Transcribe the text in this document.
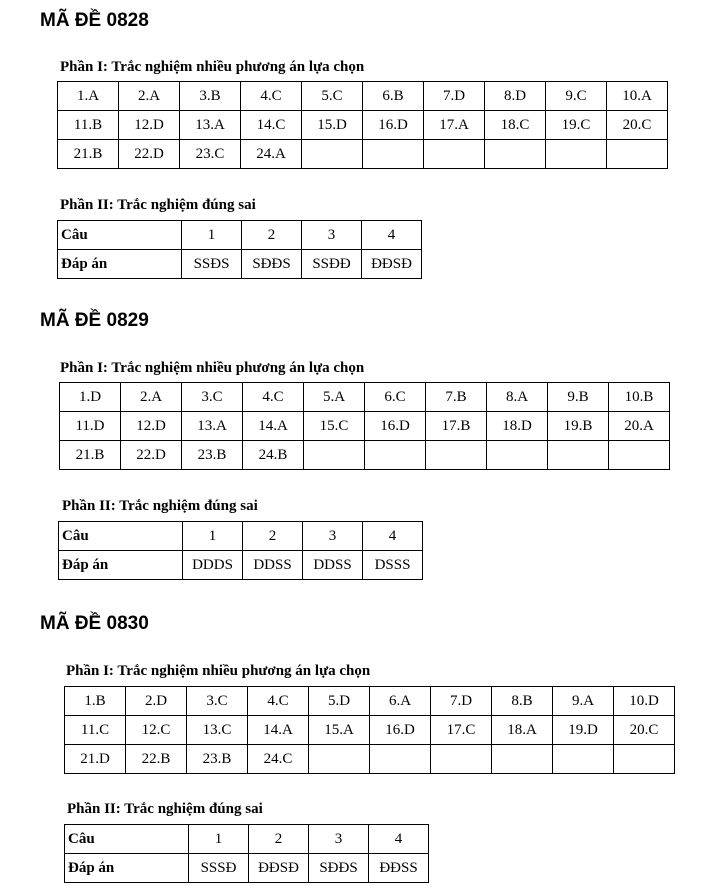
MÃ ĐỀ 0828
Phần I: Trắc nghiệm nhiều phương án lựa chọn
1.A	2.A	3.B	4.C	5.C	6.B	7.D	8.D	9.C	10.A
11.B	12.D	13.A	14.C	15.D	16.D	17.A	18.C	19.C	20.C
21.B	22.D	23.C	24.A						
Phần II: Trắc nghiệm đúng sai
Câu	1	2	3	4
Đáp án	SSĐS	SĐĐS	SSĐĐ	ĐĐSĐ
MÃ ĐỀ 0829
Phần I: Trắc nghiệm nhiều phương án lựa chọn
1.D	2.A	3.C	4.C	5.A	6.C	7.B	8.A	9.B	10.B
11.D	12.D	13.A	14.A	15.C	16.D	17.B	18.D	19.B	20.A
21.B	22.D	23.B	24.B						
Phần II: Trắc nghiệm đúng sai
Câu	1	2	3	4
Đáp án	DDDS	DDSS	DDSS	DSSS
MÃ ĐỀ 0830
Phần I: Trắc nghiệm nhiều phương án lựa chọn
1.B	2.D	3.C	4.C	5.D	6.A	7.D	8.B	9.A	10.D
11.C	12.C	13.C	14.A	15.A	16.D	17.C	18.A	19.D	20.C
21.D	22.B	23.B	24.C						
Phần II: Trắc nghiệm đúng sai
Câu	1	2	3	4
Đáp án	SSSĐ	ĐĐSĐ	SĐĐS	ĐĐSS
